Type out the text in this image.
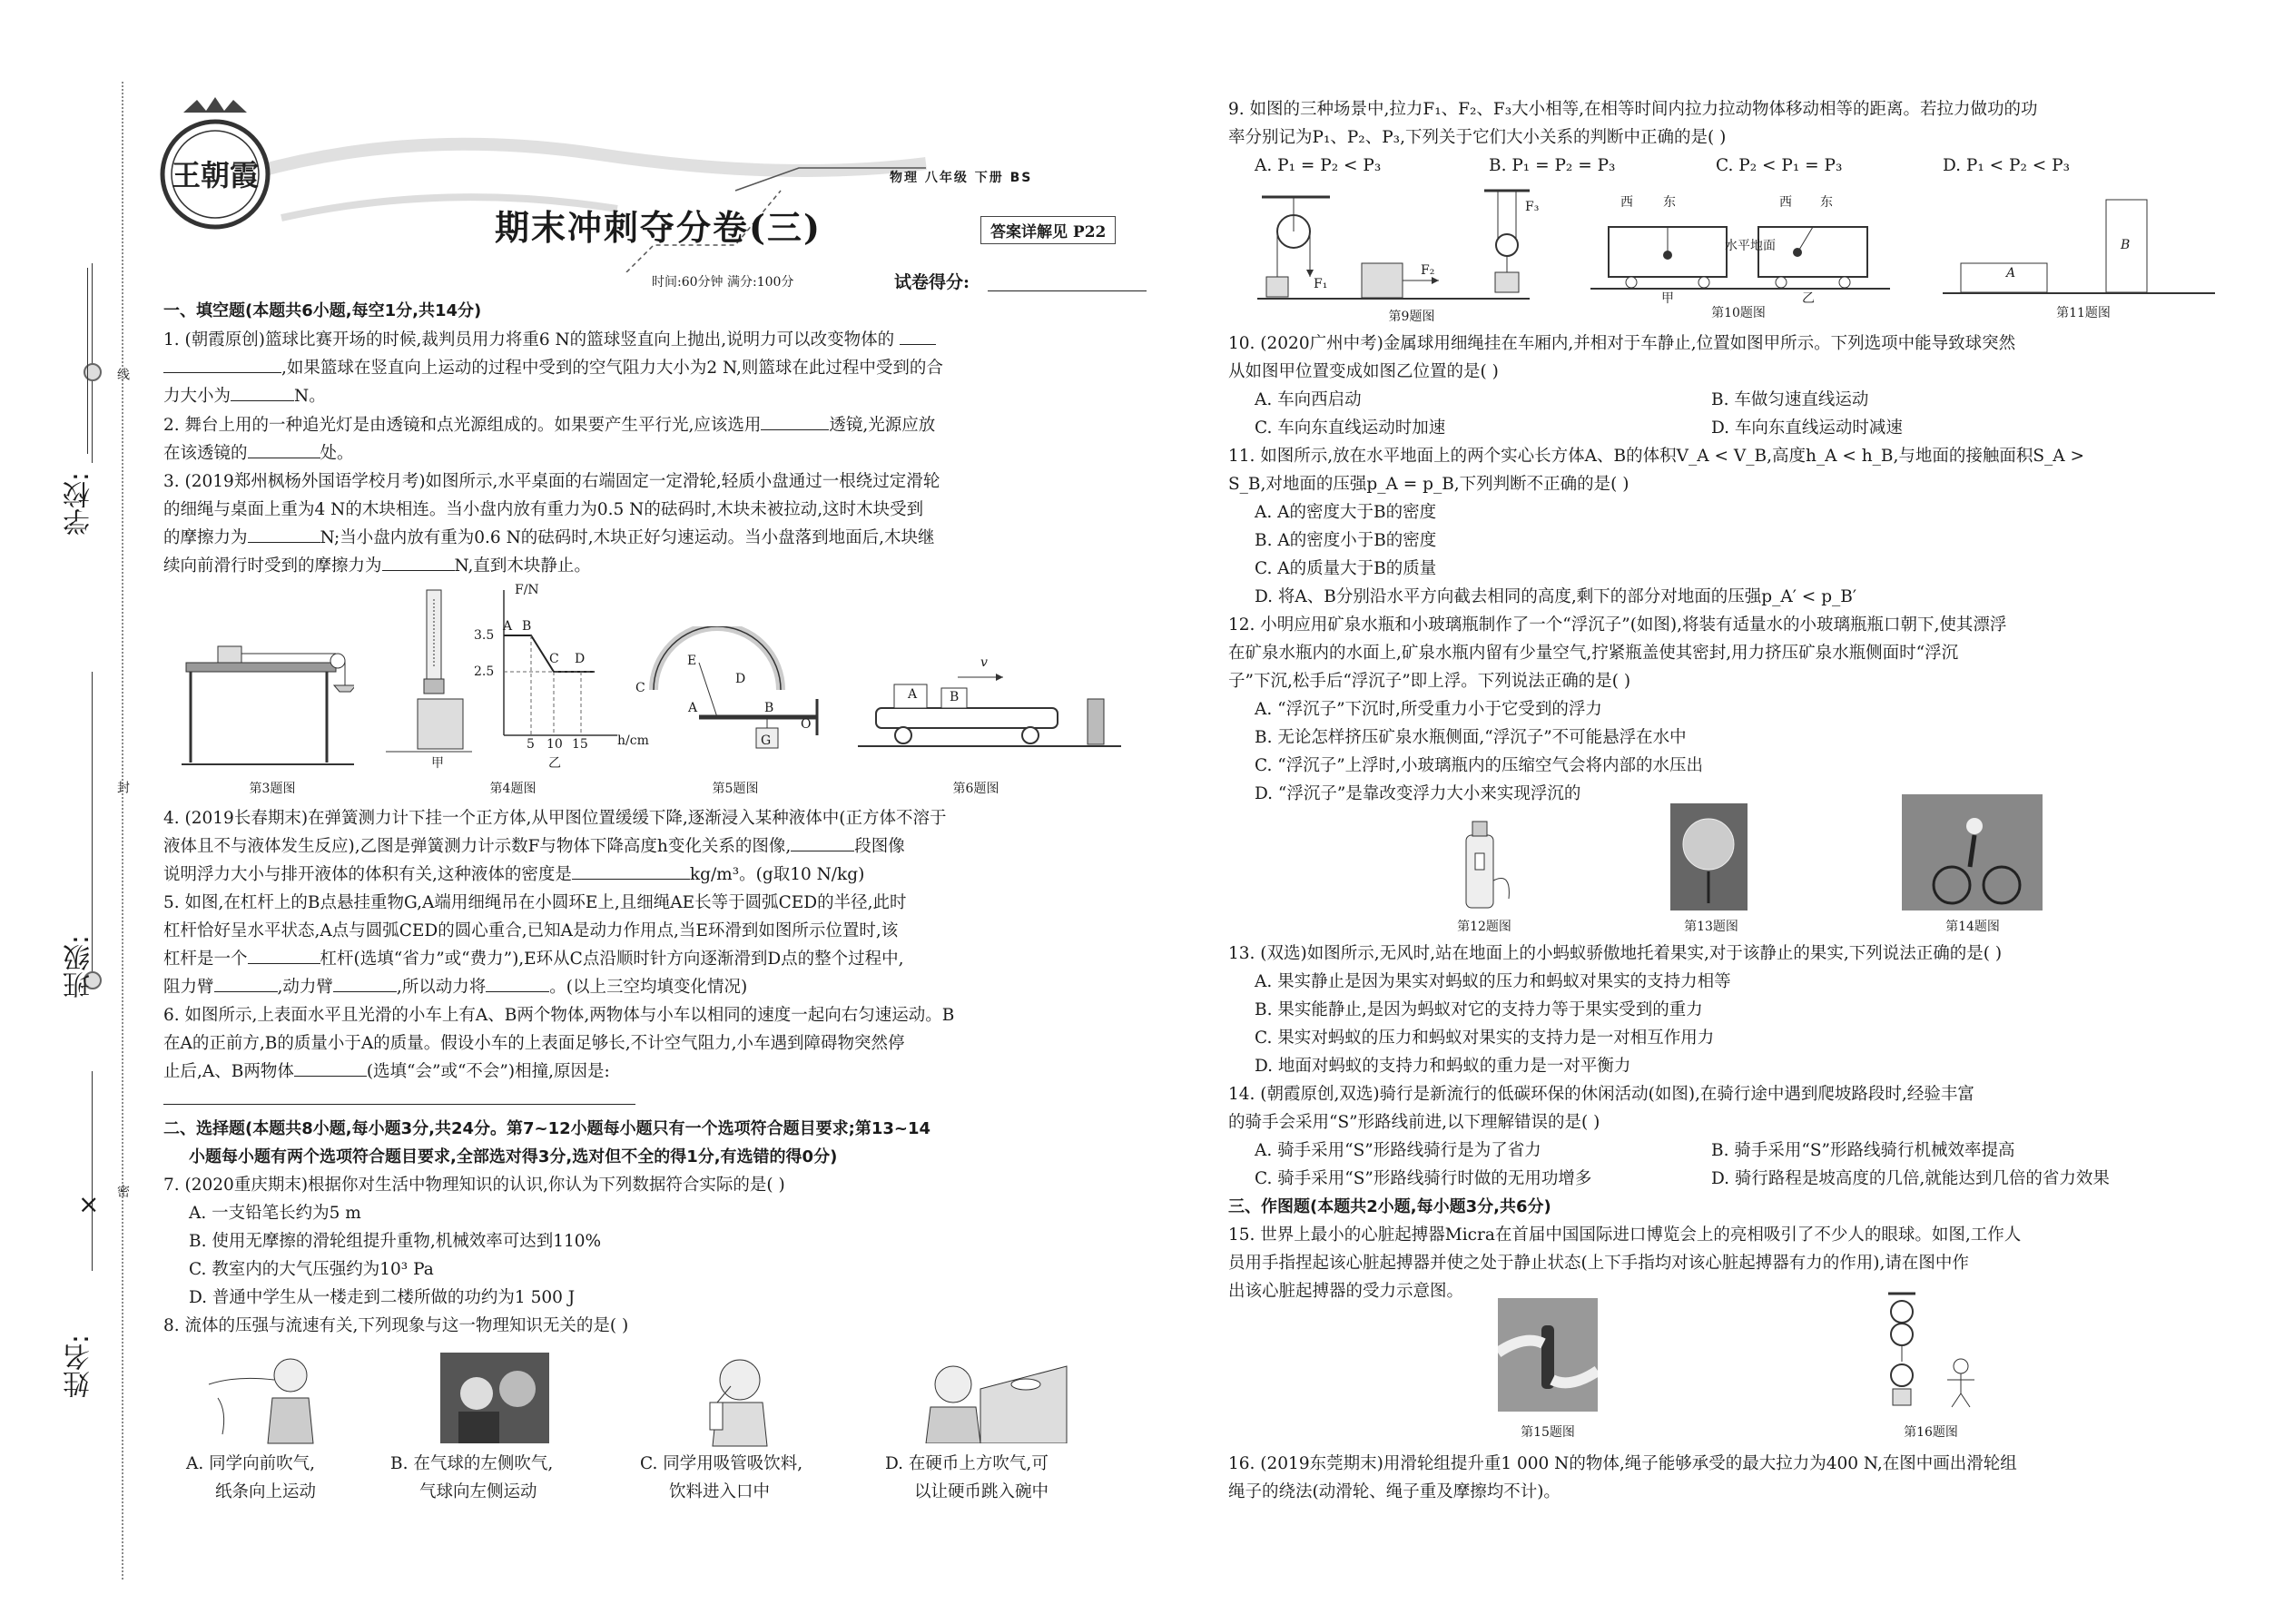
×
线
封
密
学校:
班级:
姓名:
王朝霞	物理 八年级 下册 BS
期末冲刺夺分卷(三)	答案详解见 P22
时间:60分钟 满分:100分	试卷得分:
一、填空题(本题共6小题,每空1分,共14分)
1. (朝霞原创)篮球比赛开场的时候,裁判员用力将重6 N的篮球竖直向上抛出,说明力可以改变物体的
,如果篮球在竖直向上运动的过程中受到的空气阻力大小为2 N,则篮球在此过程中受到的合
力大小为	N。
2. 舞台上用的一种追光灯是由透镜和点光源组成的。如果要产生平行光,应该选用	透镜,光源应放
在该透镜的	处。
3. (2019郑州枫杨外国语学校月考)如图所示,水平桌面的右端固定一定滑轮,轻质小盘通过一根绕过定滑轮
的细绳与桌面上重为4 N的木块相连。当小盘内放有重力为0.5 N的砝码时,木块未被拉动,这时木块受到
的摩擦力为	N;当小盘内放有重为0.6 N的砝码时,木块正好匀速运动。当小盘落到地面后,木块继
续向前滑行时受到的摩擦力为	N,直到木块静止。
第3题图
F/N
h/cm
3.5
2.5
5 10 15
A B
C D
甲	乙
第4题图
E
C
D
A	B
O
G
第5题图
A	B
v
第6题图
4. (2019长春期末)在弹簧测力计下挂一个正方体,从甲图位置缓缓下降,逐渐浸入某种液体中(正方体不溶于
液体且不与液体发生反应),乙图是弹簧测力计示数F与物体下降高度h变化关系的图像,	段图像
说明浮力大小与排开液体的体积有关,这种液体的密度是	kg/m³。(g取10 N/kg)
5. 如图,在杠杆上的B点悬挂重物G,A端用细绳吊在小圆环E上,且细绳AE长等于圆弧CED的半径,此时
杠杆恰好呈水平状态,A点与圆弧CED的圆心重合,已知A是动力作用点,当E环滑到如图所示位置时,该
杠杆是一个	杠杆(选填“省力”或“费力”),E环从C点沿顺时针方向逐渐滑到D点的整个过程中,
阻力臂	,动力臂	,所以动力将	。(以上三空均填变化情况)
6. 如图所示,上表面水平且光滑的小车上有A、B两个物体,两物体与小车以相同的速度一起向右匀速运动。B
在A的正前方,B的质量小于A的质量。假设小车的上表面足够长,不计空气阻力,小车遇到障碍物突然停
止后,A、B两物体	(选填“会”或“不会”)相撞,原因是:

二、选择题(本题共8小题,每小题3分,共24分。第7~12小题每小题只有一个选项符合题目要求;第13~14
小题每小题有两个选项符合题目要求,全部选对得3分,选对但不全的得1分,有选错的得0分)
7. (2020重庆期末)根据你对生活中物理知识的认识,你认为下列数据符合实际的是( )
A. 一支铅笔长约为5 m
B. 使用无摩擦的滑轮组提升重物,机械效率可达到110%
C. 教室内的大气压强约为10³ Pa
D. 普通中学生从一楼走到二楼所做的功约为1 500 J
8. 流体的压强与流速有关,下列现象与这一物理知识无关的是( )
A. 同学向前吹气,
纸条向上运动
B. 在气球的左侧吹气,
气球向左侧运动
C. 同学用吸管吸饮料,
饮料进入口中
D. 在硬币上方吹气,可
以让硬币跳入碗中
9. 如图的三种场景中,拉力F₁、F₂、F₃大小相等,在相等时间内拉力拉动物体移动相等的距离。若拉力做功的功
率分别记为P₁、P₂、P₃,下列关于它们大小关系的判断中正确的是( )
A. P₁ = P₂ < P₃	B. P₁ = P₂ = P₃	C. P₂ < P₁ = P₃	D. P₁ < P₂ < P₃
F₁
F₂
F₃
第9题图
西 东	西 东
水平地面
甲	乙
第10题图
A
B
第11题图
10. (2020广州中考)金属球用细绳挂在车厢内,并相对于车静止,位置如图甲所示。下列选项中能导致球突然
从如图甲位置变成如图乙位置的是( )
A. 车向西启动	B. 车做匀速直线运动
C. 车向东直线运动时加速	D. 车向东直线运动时减速
11. 如图所示,放在水平地面上的两个实心长方体A、B的体积V_A < V_B,高度h_A < h_B,与地面的接触面积S_A >
S_B,对地面的压强p_A = p_B,下列判断不正确的是( )
A. A的密度大于B的密度
B. A的密度小于B的密度
C. A的质量大于B的质量
D. 将A、B分别沿水平方向截去相同的高度,剩下的部分对地面的压强p_A′ < p_B′
12. 小明应用矿泉水瓶和小玻璃瓶制作了一个“浮沉子”(如图),将装有适量水的小玻璃瓶瓶口朝下,使其漂浮
在矿泉水瓶内的水面上,矿泉水瓶内留有少量空气,拧紧瓶盖使其密封,用力挤压矿泉水瓶侧面时“浮沉
子”下沉,松手后“浮沉子”即上浮。下列说法正确的是( )
A. “浮沉子”下沉时,所受重力小于它受到的浮力
B. 无论怎样挤压矿泉水瓶侧面,“浮沉子”不可能悬浮在水中
C. “浮沉子”上浮时,小玻璃瓶内的压缩空气会将内部的水压出
D. “浮沉子”是靠改变浮力大小来实现浮沉的
第12题图	第13题图	第14题图
13. (双选)如图所示,无风时,站在地面上的小蚂蚁骄傲地托着果实,对于该静止的果实,下列说法正确的是( )
A. 果实静止是因为果实对蚂蚁的压力和蚂蚁对果实的支持力相等
B. 果实能静止,是因为蚂蚁对它的支持力等于果实受到的重力
C. 果实对蚂蚁的压力和蚂蚁对果实的支持力是一对相互作用力
D. 地面对蚂蚁的支持力和蚂蚁的重力是一对平衡力
14. (朝霞原创,双选)骑行是新流行的低碳环保的休闲活动(如图),在骑行途中遇到爬坡路段时,经验丰富
的骑手会采用“S”形路线前进,以下理解错误的是( )
A. 骑手采用“S”形路线骑行是为了省力	B. 骑手采用“S”形路线骑行机械效率提高
C. 骑手采用“S”形路线骑行时做的无用功增多	D. 骑行路程是坡高度的几倍,就能达到几倍的省力效果
三、作图题(本题共2小题,每小题3分,共6分)
15. 世界上最小的心脏起搏器Micra在首届中国国际进口博览会上的亮相吸引了不少人的眼球。如图,工作人
员用手指捏起该心脏起搏器并使之处于静止状态(上下手指均对该心脏起搏器有力的作用),请在图中作
出该心脏起搏器的受力示意图。
第15题图	第16题图
16. (2019东莞期末)用滑轮组提升重1 000 N的物体,绳子能够承受的最大拉力为400 N,在图中画出滑轮组
绳子的绕法(动滑轮、绳子重及摩擦均不计)。
